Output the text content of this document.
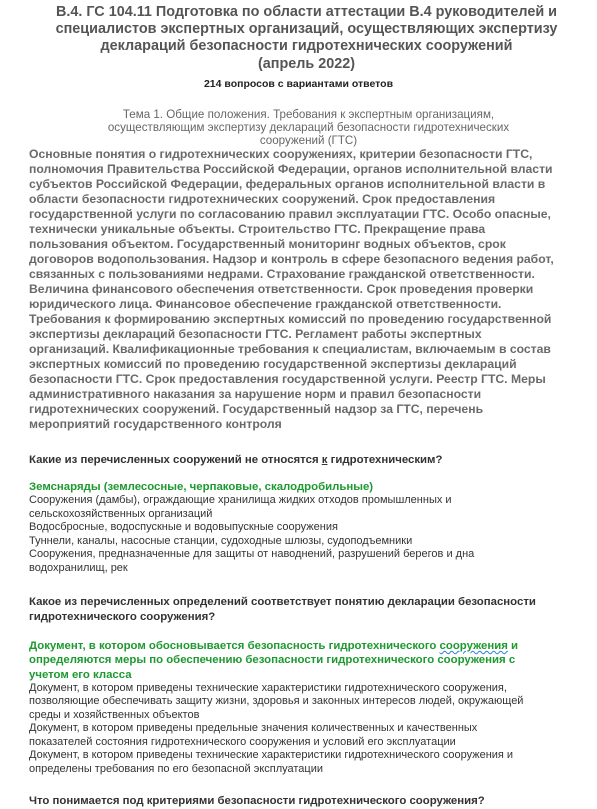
В.4. ГС 104.11 Подготовка по области аттестации В.4 руководителей и
специалистов экспертных организаций, осуществляющих экспертизу
деклараций безопасности гидротехнических сооружений
(апрель 2022)
214 вопросов с вариантами ответов
Тема 1. Общие положения. Требования к экспертным организациям,
осуществляющим экспертизу деклараций безопасности гидротехнических
сооружений (ГТС)
Основные понятия о гидротехнических сооружениях, критерии безопасности ГТС,
полномочия Правительства Российской Федерации, органов исполнительной власти
субъектов Российской Федерации, федеральных органов исполнительной власти в
области безопасности гидротехнических сооружений. Срок предоставления
государственной услуги по согласованию правил эксплуатации ГТС. Особо опасные,
технически уникальные объекты. Строительство ГТС. Прекращение права
пользования объектом. Государственный мониторинг водных объектов, срок
договоров водопользования. Надзор и контроль в сфере безопасного ведения работ,
связанных с пользованиями недрами. Страхование гражданской ответственности.
Величина финансового обеспечения ответственности. Срок проведения проверки
юридического лица. Финансовое обеспечение гражданской ответственности.
Требования к формированию экспертных комиссий по проведению государственной
экспертизы деклараций безопасности ГТС. Регламент работы экспертных
организаций. Квалификационные требования к специалистам, включаемым в состав
экспертных комиссий по проведению государственной экспертизы деклараций
безопасности ГТС. Срок предоставления государственной услуги. Реестр ГТС. Меры
административного наказания за нарушение норм и правил безопасности
гидротехнических сооружений. Государственный надзор за ГТС, перечень
мероприятий государственного контроля
Какие из перечисленных сооружений не относятся к гидротехническим?
Земснаряды (землесосные, черпаковые, скалодробильные)
Сооружения (дамбы), ограждающие хранилища жидких отходов промышленных и
сельскохозяйственных организаций
Водосбросные, водоспускные и водовыпускные сооружения
Туннели, каналы, насосные станции, судоходные шлюзы, судоподъемники
Сооружения, предназначенные для защиты от наводнений, разрушений берегов и дна
водохранилищ, рек
Какое из перечисленных определений соответствует понятию декларации безопасности
гидротехнического сооружения?
Документ, в котором обосновывается безопасность гидротехнического сооружения и
определяются меры по обеспечению безопасности гидротехнического сооружения с
учетом его класса
Документ, в котором приведены технические характеристики гидротехнического сооружения,
позволяющие обеспечивать защиту жизни, здоровья и законных интересов людей, окружающей
среды и хозяйственных объектов
Документ, в котором приведены предельные значения количественных и качественных
показателей состояния гидротехнического сооружения и условий его эксплуатации
Документ, в котором приведены технические характеристики гидротехнического сооружения и
определены требования по его безопасной эксплуатации
Что понимается под критериями безопасности гидротехнического сооружения?
